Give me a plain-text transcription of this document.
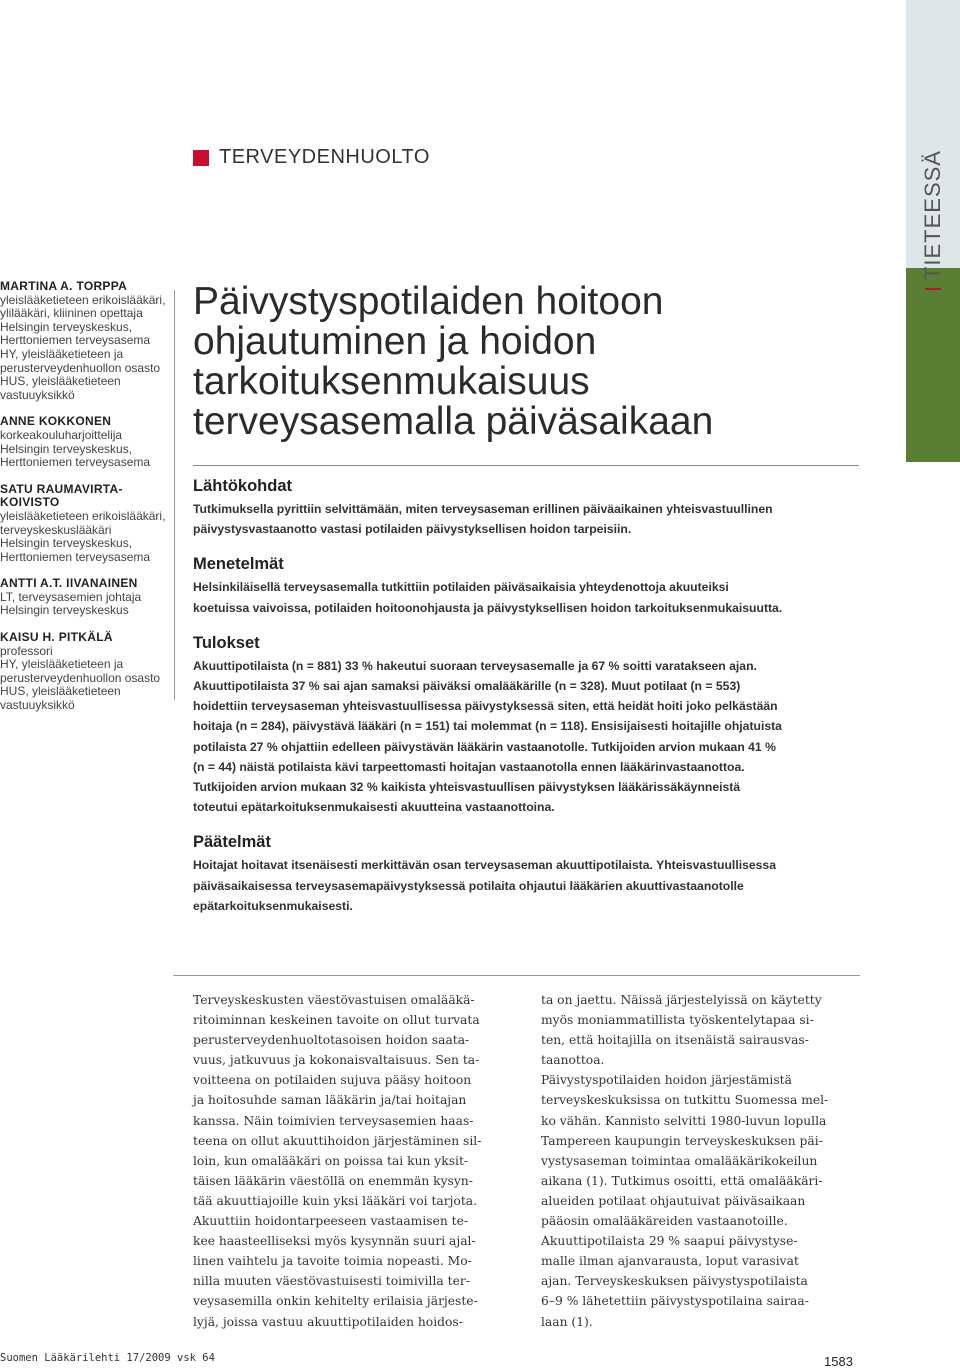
TIETEESSÄ
TERVEYDENHUOLTO
MARTINA A. TORPPA
yleislääketieteen erikoislääkäri,
ylilääkäri, kliininen opettaja
Helsingin terveyskeskus,
Herttoniemen terveysasema
HY, yleislääketieteen ja
perusterveydenhuollon osasto
HUS, yleislääketieteen
vastuuyksikkö
ANNE KOKKONEN
korkeakouluharjoittelija
Helsingin terveyskeskus,
Herttoniemen terveysasema
SATU RAUMAVIRTA-KOIVISTO
yleislääketieteen erikoislääkäri,
terveyskeskuslääkäri
Helsingin terveyskeskus,
Herttoniemen terveysasema
ANTTI A.T. IIVANAINEN
LT, terveysasemien johtaja
Helsingin terveyskeskus
KAISU H. PITKÄLÄ
professori
HY, yleislääketieteen ja
perusterveydenhuollon osasto
HUS, yleislääketieteen
vastuuyksikkö
Päivystyspotilaiden hoitoon
ohjautuminen ja hoidon
tarkoituksenmukaisuus
terveysasemalla päiväsaikaan
Lähtökohdat
Tutkimuksella pyrittiin selvittämään, miten terveysaseman erillinen päiväaikainen yhteisvastuullinen
päivystysvastaanotto vastasi potilaiden päivystyksellisen hoidon tarpeisiin.
Menetelmät
Helsinkiläisellä terveysasemalla tutkittiin potilaiden päiväsaikaisia yhteydenottoja akuuteiksi
koetuissa vaivoissa, potilaiden hoitoonohjausta ja päivystyksellisen hoidon tarkoituksenmukaisuutta.
Tulokset
Akuuttipotilaista (n = 881) 33 % hakeutui suoraan terveysasemalle ja 67 % soitti varatakseen ajan.
Akuuttipotilaista 37 % sai ajan samaksi päiväksi omalääkärille (n = 328). Muut potilaat (n = 553)
hoidettiin terveysaseman yhteisvastuullisessa päivystyksessä siten, että heidät hoiti joko pelkästään
hoitaja (n = 284), päivystävä lääkäri (n = 151) tai molemmat (n = 118). Ensisijaisesti hoitajille ohjatuista
potilaista 27 % ohjattiin edelleen päivystävän lääkärin vastaanotolle. Tutkijoiden arvion mukaan 41 %
(n = 44) näistä potilaista kävi tarpeettomasti hoitajan vastaanotolla ennen lääkärinvastaanottoa.
Tutkijoiden arvion mukaan 32 % kaikista yhteisvastuullisen päivystyksen lääkärissäkäynneistä
toteutui epätarkoituksenmukaisesti akuutteina vastaanottoina.
Päätelmät
Hoitajat hoitavat itsenäisesti merkittävän osan terveysaseman akuuttipotilaista. Yhteisvastuullisessa
päiväsaikaisessa terveysasemapäivystyksessä potilaita ohjautui lääkärien akuuttivastaanotolle
epätarkoituksenmukaisesti.
Terveyskeskusten väestövastuisen omalääkä-
ritoiminnan keskeinen tavoite on ollut turvata
perusterveydenhuoltotasoisen hoidon saata-
vuus, jatkuvuus ja kokonaisvaltaisuus. Sen ta-
voitteena on potilaiden sujuva pääsy hoitoon
ja hoitosuhde saman lääkärin ja/tai hoitajan
kanssa. Näin toimivien terveysasemien haas-
teena on ollut akuuttihoidon järjestäminen sil-
loin, kun omalääkäri on poissa tai kun yksit-
täisen lääkärin väestöllä on enemmän kysyn-
tää akuuttiajoille kuin yksi lääkäri voi tarjota.
Akuuttiin hoidontarpeeseen vastaamisen te-
kee haasteelliseksi myös kysynnän suuri ajal-
linen vaihtelu ja tavoite toimia nopeasti. Mo-
nilla muuten väestövastuisesti toimivilla ter-
veysasemilla onkin kehitelty erilaisia järjeste-
lyjä, joissa vastuu akuuttipotilaiden hoidos-
ta on jaettu. Näissä järjestelyissä on käytetty
myös moniammatillista työskentelytapaa si-
ten, että hoitajilla on itsenäistä sairausvas-
taanottoa.
Päivystyspotilaiden hoidon järjestämistä
terveyskeskuksissa on tutkittu Suomessa mel-
ko vähän. Kannisto selvitti 1980-luvun lopulla
Tampereen kaupungin terveyskeskuksen päi-
vystysaseman toimintaa omalääkärikokeilun
aikana (1). Tutkimus osoitti, että omalääkäri-
alueiden potilaat ohjautuivat päiväsaikaan
pääosin omalääkäreiden vastaanotoille.
Akuuttipotilaista 29 % saapui päivystyse-
malle ilman ajanvarausta, loput varasivat
ajan. Terveyskeskuksen päivystyspotilaista
6–9 % lähetettiin päivystyspotilaina sairaa-
laan (1).
Suomen Lääkärilehti 17/2009 vsk 64	1583
